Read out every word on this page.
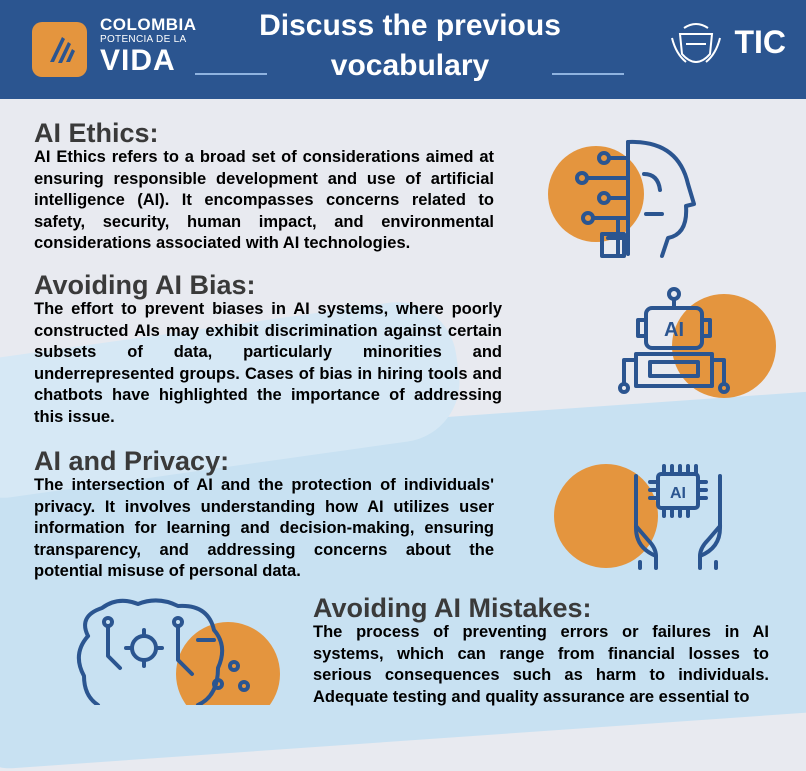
COLOMBIA
POTENCIA DE LA
VIDA
Discuss the previous vocabulary
TIC
AI Ethics:

AI Ethics refers to a broad set of considerations aimed at ensuring responsible development and use of artificial intelligence (AI). It encompasses concerns related to safety, security, human impact, and environmental considerations associated with AI technologies.

Avoiding AI Bias:

The effort to prevent biases in AI systems, where poorly constructed AIs may exhibit discrimination against certain subsets of data, particularly minorities and underrepresented groups. Cases of bias in hiring tools and chatbots have highlighted the importance of addressing this issue.

AI
AI and Privacy:

The intersection of AI and the protection of individuals' privacy. It involves understanding how AI utilizes user information for learning and decision-making, ensuring transparency, and addressing concerns about the potential misuse of personal data.

AI
Avoiding AI Mistakes:

The process of preventing errors or failures in AI systems, which can range from financial losses to serious consequences such as harm to individuals. Adequate testing and quality assurance are essential to
